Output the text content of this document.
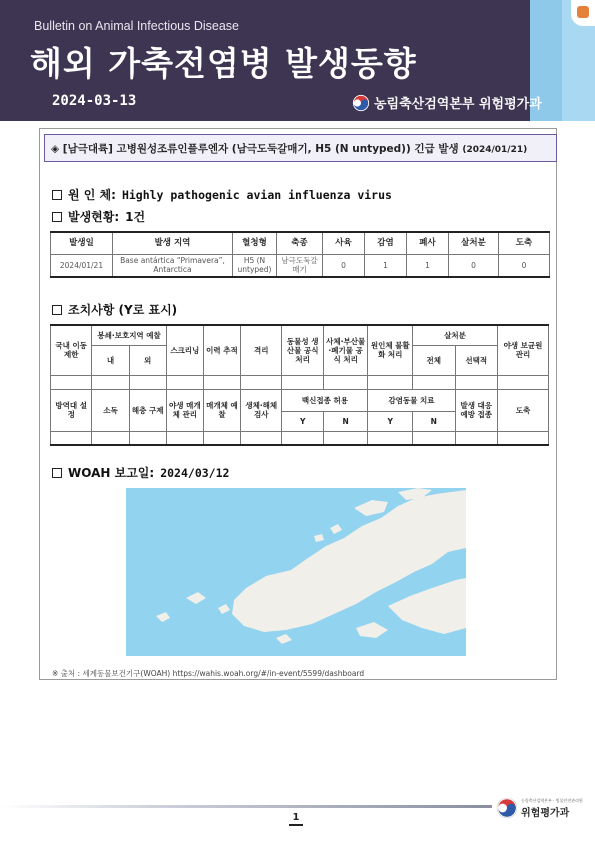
Bulletin on Animal Infectious Disease
해외 가축전염병 발생동향
2024-03-13	농림축산검역본부 위험평가과
◈ [남극대륙] 고병원성조류인플루엔자 (남극도둑갈매기, H5 (N untyped)) 긴급 발생 (2024/01/21)
원 인 체: Highly pathogenic avian influenza virus
발생현황: 1건
발생일	발생 지역	혈청형	축종	사육	감염	폐사	살처분	도축
2024/01/21	Base antártica “Primavera”, Antarctica	H5 (N untyped)	남극도둑갈매기	0	1	1	0	0
조치사항 (Y로 표시)
국내 이동 제한	봉쇄·보호지역 예찰		스크리닝	이력 추적	격리	동물성 생산물 공식 처리	사체·부산물·폐기물 공식 처리	원인체 불활화 처리	살처분		야생 보균원 관리
	내	외							전체	선택적	

방역대 설정	소독	해충 구제	야생 매개체 관리	매개체 예찰	생체·해체 검사	백신접종 허용		감염동물 치료		발생 대응 예방 접종	도축
						Y	N	Y	N		

WOAH 보고일: 2024/03/12
※ 출처 : 세계동물보건기구(WOAH) https://wahis.woah.org/#/in-event/5599/dashboard
1
농림축산검역본부 · 빗물안전관리원
위험평가과
